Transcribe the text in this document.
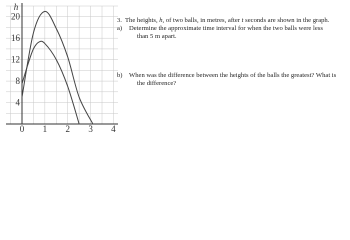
0 1 2 3 4
4
8
12
16
20
h
3. The heights, h, of two balls, in metres, after t seconds are shown in the graph.
a)	Determine the approximate time interval for when the two balls were less
than 5 m apart.
b) When was the difference between the heights of the balls the greatest? What is
the difference?
